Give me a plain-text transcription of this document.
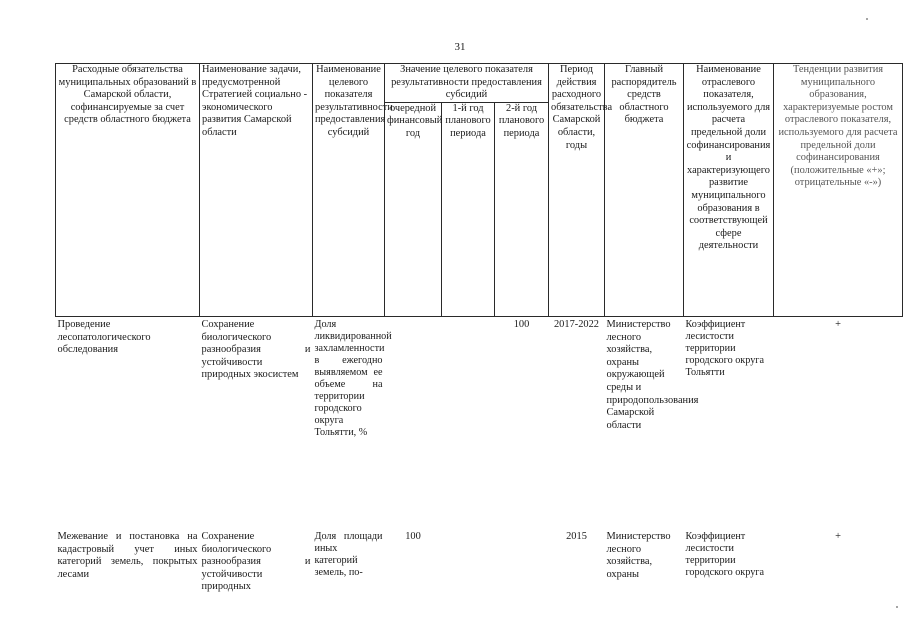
31
Расходные обязательства муниципальных образований в Самарской области, софинансируемые за счет средств областного бюджета	Наименование задачи, предусмотренной Стратегией социально - экономического развития Самарской области	Наименование целевого показателя результативности предоставления субсидий	Значение целевого показателя результативности предоставления субсидий			Период действия расходного обязательства Самарской области, годы	Главный распорядитель средств областного бюджета	Наименование отраслевого показателя, используемого для расчета предельной доли софинансирования и характеризующего развитие муниципального образования в соответствующей сфере деятельности	Тенденции развития муниципального образования, характеризуемые ростом отраслевого показателя, используемого для расчета предельной доли софинансирования (положительные «+»; отрицательные «-»)
			очередной финансовый год	1-й год планового периода	2-й год планового периода				
Проведение лесопатологического обследования	Сохранение биологического разнообразия и устойчивости природных экосистем	Доля ликвидированной захламленности в ежегодно выявляемом ее объеме на территории городского округа Тольятти, %			100	2017-2022	Министерство лесного хозяйства, охраны окружающей среды и природопользования Самарской области	Коэффициент лесистости территории городского округа Тольятти	+
Межевание и постановка на кадастровый учет иных категорий земель, покрытых лесами	Сохранение биологического разнообразия и устойчивости природных	Доля площади иных категорий земель, по-	100			2015	Министерство лесного хозяйства, охраны	Коэффициент лесистости территории городского округа	+
